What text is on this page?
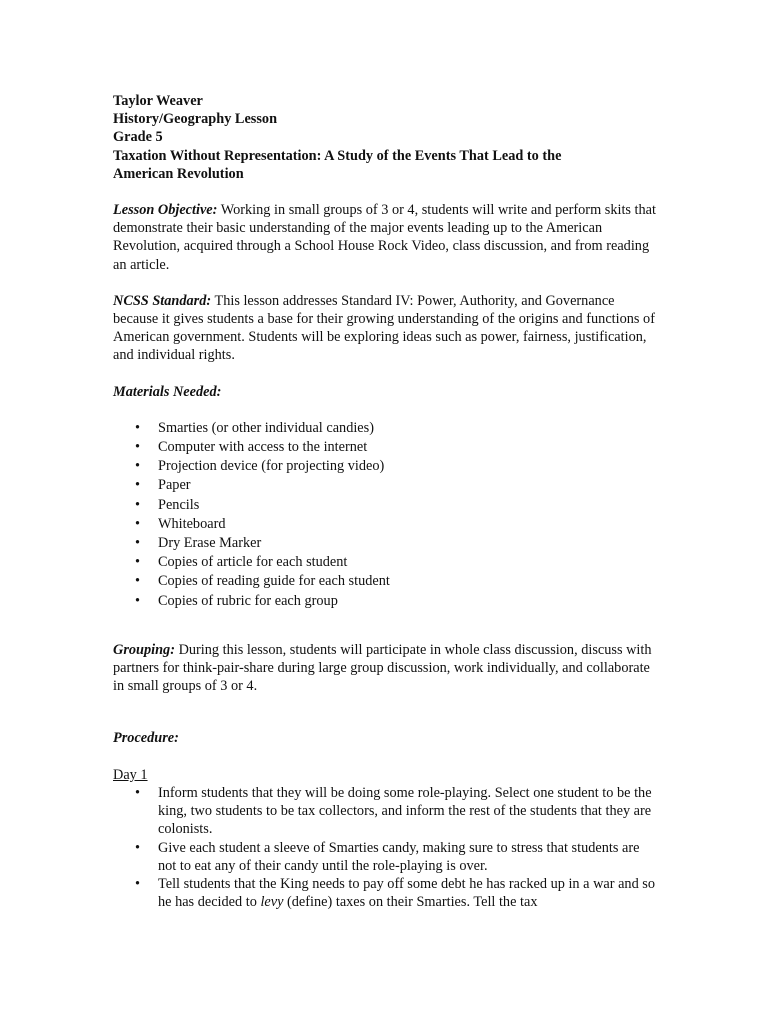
Taylor Weaver
History/Geography Lesson
Grade 5
Taxation Without Representation: A Study of the Events That Lead to the
American Revolution

Lesson Objective: Working in small groups of 3 or 4, students will write and perform skits that demonstrate their basic understanding of the major events leading up to the American Revolution, acquired through a School House Rock Video, class discussion, and from reading an article.

NCSS Standard: This lesson addresses Standard IV: Power, Authority, and Governance because it gives students a base for their growing understanding of the origins and functions of American government. Students will be exploring ideas such as power, fairness, justification, and individual rights.

Materials Needed:

• Smarties (or other individual candies)
• Computer with access to the internet
• Projection device (for projecting video)
• Paper
• Pencils
• Whiteboard
• Dry Erase Marker
• Copies of article for each student
• Copies of reading guide for each student
• Copies of rubric for each group

Grouping: During this lesson, students will participate in whole class discussion, discuss with partners for think-pair-share during large group discussion, work individually, and collaborate in small groups of 3 or 4.

Procedure:

Day 1
• Inform students that they will be doing some role-playing. Select one student to be the king, two students to be tax collectors, and inform the rest of the students that they are colonists.
• Give each student a sleeve of Smarties candy, making sure to stress that students are not to eat any of their candy until the role-playing is over.
• Tell students that the King needs to pay off some debt he has racked up in a war and so he has decided to levy (define) taxes on their Smarties. Tell the tax
